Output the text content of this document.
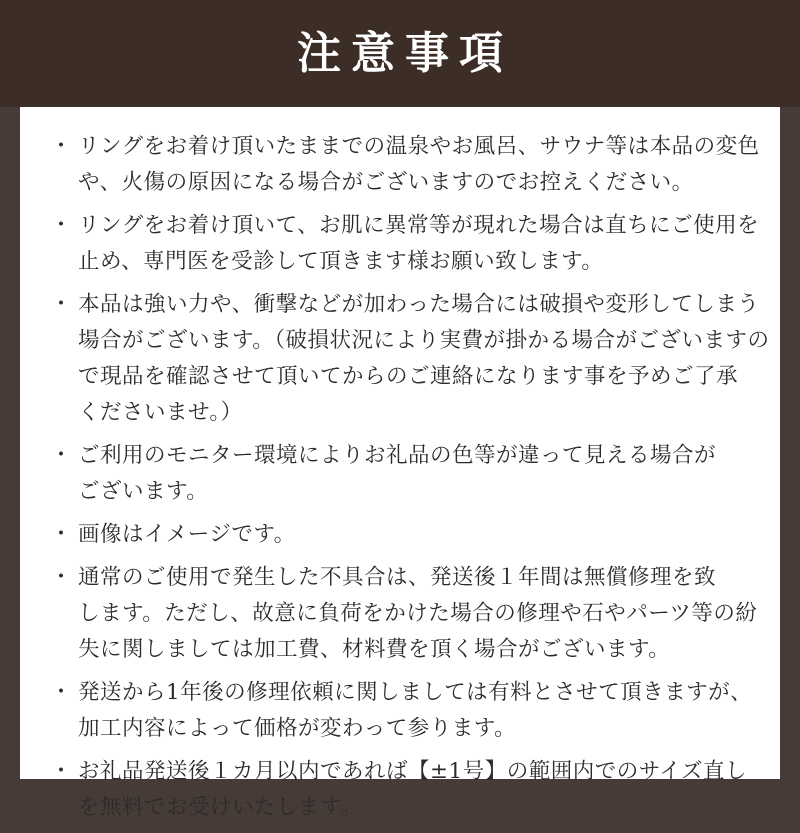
注意事項
・ リングをお着け頂いたままでの温泉やお風呂、サウナ等は本品の変色
や、火傷の原因になる場合がございますのでお控えください。

・ リングをお着け頂いて、お肌に異常等が現れた場合は直ちにご使用を
止め、専門医を受診して頂きます様お願い致します。

・ 本品は強い力や、衝撃などが加わった場合には破損や変形してしまう
場合がございます。（破損状況により実費が掛かる場合がございますの
で現品を確認させて頂いてからのご連絡になります事を予めご了承
くださいませ。）

・ ご利用のモニター環境によりお礼品の色等が違って見える場合が
ございます。

・ 画像はイメージです。

・ 通常のご使用で発生した不具合は、発送後１年間は無償修理を致
します。ただし、故意に負荷をかけた場合の修理や石やパーツ等の紛
失に関しましては加工費、材料費を頂く場合がございます。

・ 発送から1年後の修理依頼に関しましては有料とさせて頂きますが、
加工内容によって価格が変わって参ります。

・ お礼品発送後１カ月以内であれば【±1号】の範囲内でのサイズ直し
を無料でお受けいたします。
